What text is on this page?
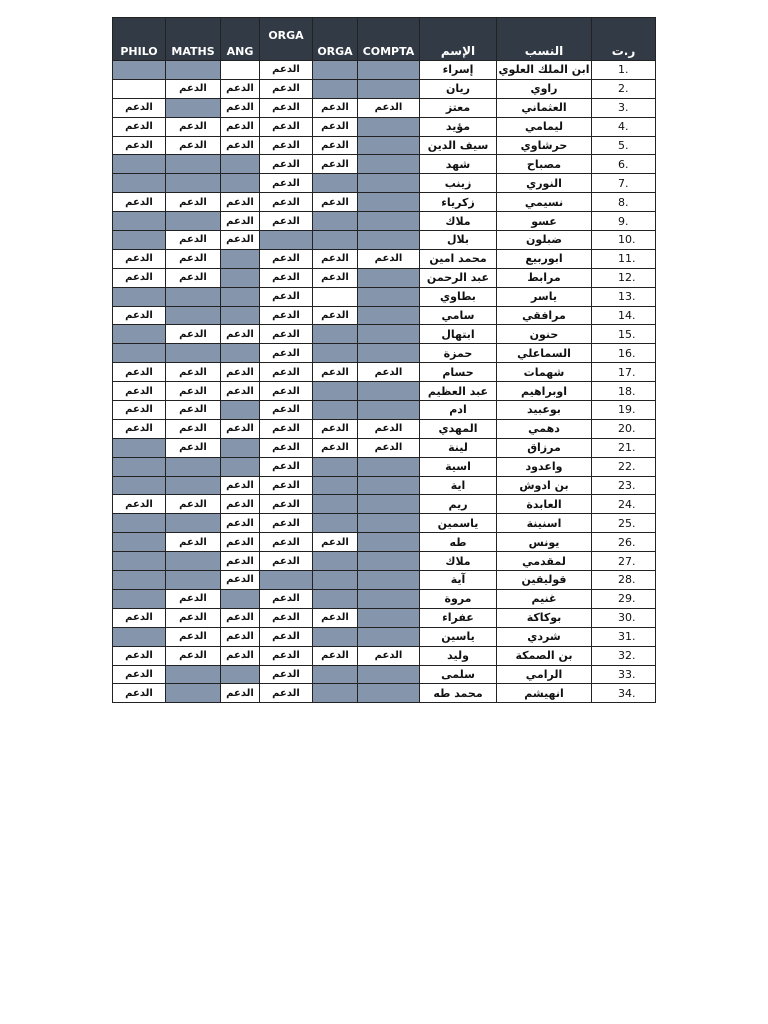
PHILO	MATHS	ANG	ORGA	ORGA	COMPTA	الإسم	النسب	ر.ت
			الدعم			إسراء	ابن الملك العلوي	1.
	الدعم	الدعم	الدعم			ريان	راوي	2.
الدعم		الدعم	الدعم	الدعم	الدعم	معتز	العثماني	3.
الدعم	الدعم	الدعم	الدعم	الدعم		مؤيد	ليمامي	4.
الدعم	الدعم	الدعم	الدعم	الدعم		سيف الدين	حرشاوي	5.
			الدعم	الدعم		شهد	مصباح	6.
			الدعم			زينب	النوري	7.
الدعم	الدعم	الدعم	الدعم	الدعم		زكرياء	نسيمي	8.
		الدعم	الدعم			ملاك	عسو	9.
	الدعم	الدعم				بلال	ضبلون	10.
الدعم	الدعم		الدعم	الدعم	الدعم	محمد امين	ابوربيع	11.
الدعم	الدعم		الدعم	الدعم		عبد الرحمن	مرابط	12.
			الدعم			بطاوي	ياسر	13.
الدعم			الدعم	الدعم		سامي	مرافقي	14.
	الدعم	الدعم	الدعم			ابتهال	حنون	15.
			الدعم			حمزة	السماعلي	16.
الدعم	الدعم	الدعم	الدعم	الدعم	الدعم	حسام	شهمات	17.
الدعم	الدعم	الدعم	الدعم			عبد العظيم	اوبراهيم	18.
الدعم	الدعم		الدعم			ادم	بوعبيد	19.
الدعم	الدعم	الدعم	الدعم	الدعم	الدعم	المهدي	دهمي	20.
	الدعم		الدعم	الدعم	الدعم	لينة	مرزاق	21.
			الدعم			اسية	واعدود	22.
		الدعم	الدعم			اية	بن ادوش	23.
الدعم	الدعم	الدعم	الدعم			ريم	العابدة	24.
		الدعم	الدعم			ياسمين	اسنينة	25.
	الدعم	الدعم	الدعم	الدعم		طه	يونس	26.
		الدعم	الدعم			ملاك	لمقدمي	27.
		الدعم				آية	قوليقين	28.
	الدعم		الدعم			مروة	غنيم	29.
الدعم	الدعم	الدعم	الدعم	الدعم		عفراء	بوكاكة	30.
	الدعم	الدعم	الدعم			ياسين	شردي	31.
الدعم	الدعم	الدعم	الدعم	الدعم	الدعم	وليد	بن الصمكة	32.
الدعم			الدعم			سلمى	الرامي	33.
الدعم		الدعم	الدعم			محمد طه	انهيشم	34.
